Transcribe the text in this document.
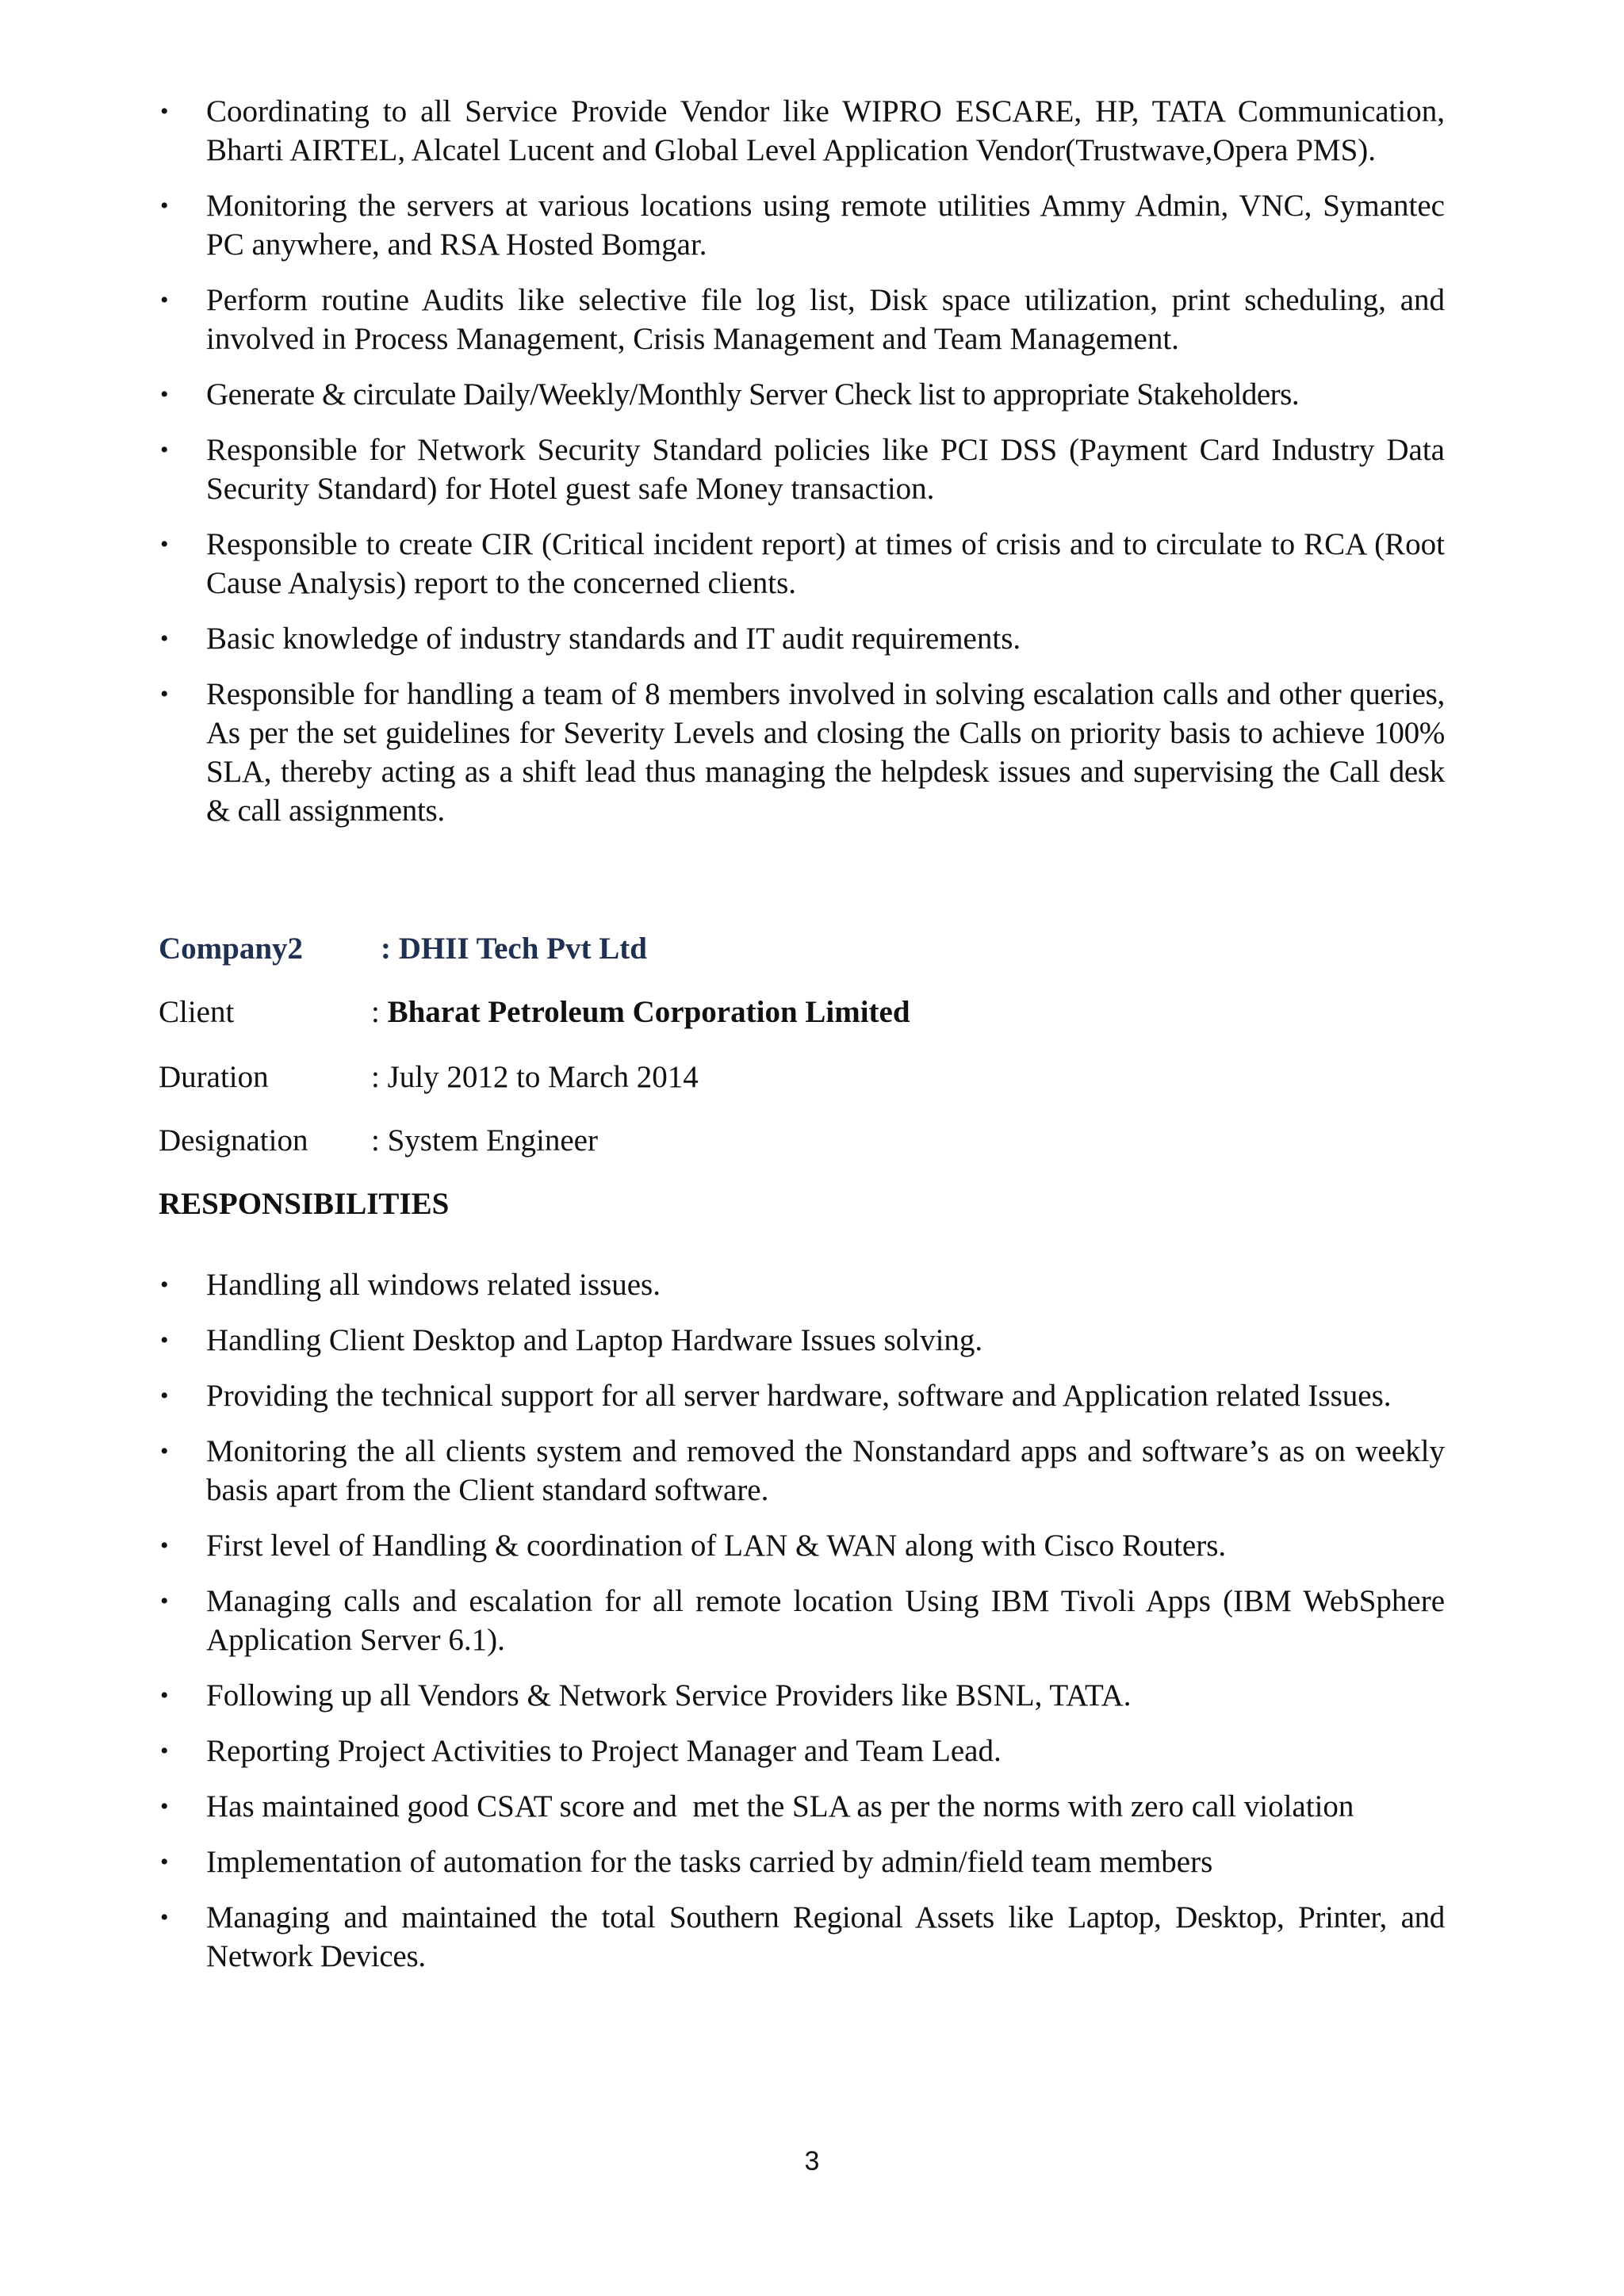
•	Coordinating to all Service Provide Vendor like WIPRO ESCARE, HP, TATA Communication, Bharti AIRTEL, Alcatel Lucent and Global Level Application Vendor(Trustwave,Opera PMS).
•	Monitoring the servers at various locations using remote utilities Ammy Admin, VNC, Symantec PC anywhere, and RSA Hosted Bomgar.
•	Perform routine Audits like selective file log list, Disk space utilization, print scheduling, and involved in Process Management, Crisis Management and Team Management.
•	Generate & circulate Daily/Weekly/Monthly Server Check list to appropriate Stakeholders.
•	Responsible for Network Security Standard policies like PCI DSS (Payment Card Industry Data Security Standard) for Hotel guest safe Money transaction.
•	Responsible to create CIR (Critical incident report) at times of crisis and to circulate to RCA (Root Cause Analysis) report to the concerned clients.
•	Basic knowledge of industry standards and IT audit requirements.
•	Responsible for handling a team of 8 members involved in solving escalation calls and other queries, As per the set guidelines for Severity Levels and closing the Calls on priority basis to achieve 100% SLA, thereby acting as a shift lead thus managing the helpdesk issues and supervising the Call desk & call assignments.
Company2	: DHII Tech Pvt Ltd
Client	: Bharat Petroleum Corporation Limited
Duration	: July 2012 to March 2014
Designation : System Engineer
RESPONSIBILITIES
•	Handling all windows related issues.
•	Handling Client Desktop and Laptop Hardware Issues solving.
•	Providing the technical support for all server hardware, software and Application related Issues.
•	Monitoring the all clients system and removed the Nonstandard apps and software’s as on weekly basis apart from the Client standard software.
•	First level of Handling & coordination of LAN & WAN along with Cisco Routers.
•	Managing calls and escalation for all remote location Using IBM Tivoli Apps (IBM WebSphere Application Server 6.1).
•	Following up all Vendors & Network Service Providers like BSNL, TATA.
•	Reporting Project Activities to Project Manager and Team Lead.
•	Has maintained good CSAT score and  met the SLA as per the norms with zero call violation
•	Implementation of automation for the tasks carried by admin/field team members
•	Managing and maintained the total Southern Regional Assets like Laptop, Desktop, Printer, and Network Devices.
3
